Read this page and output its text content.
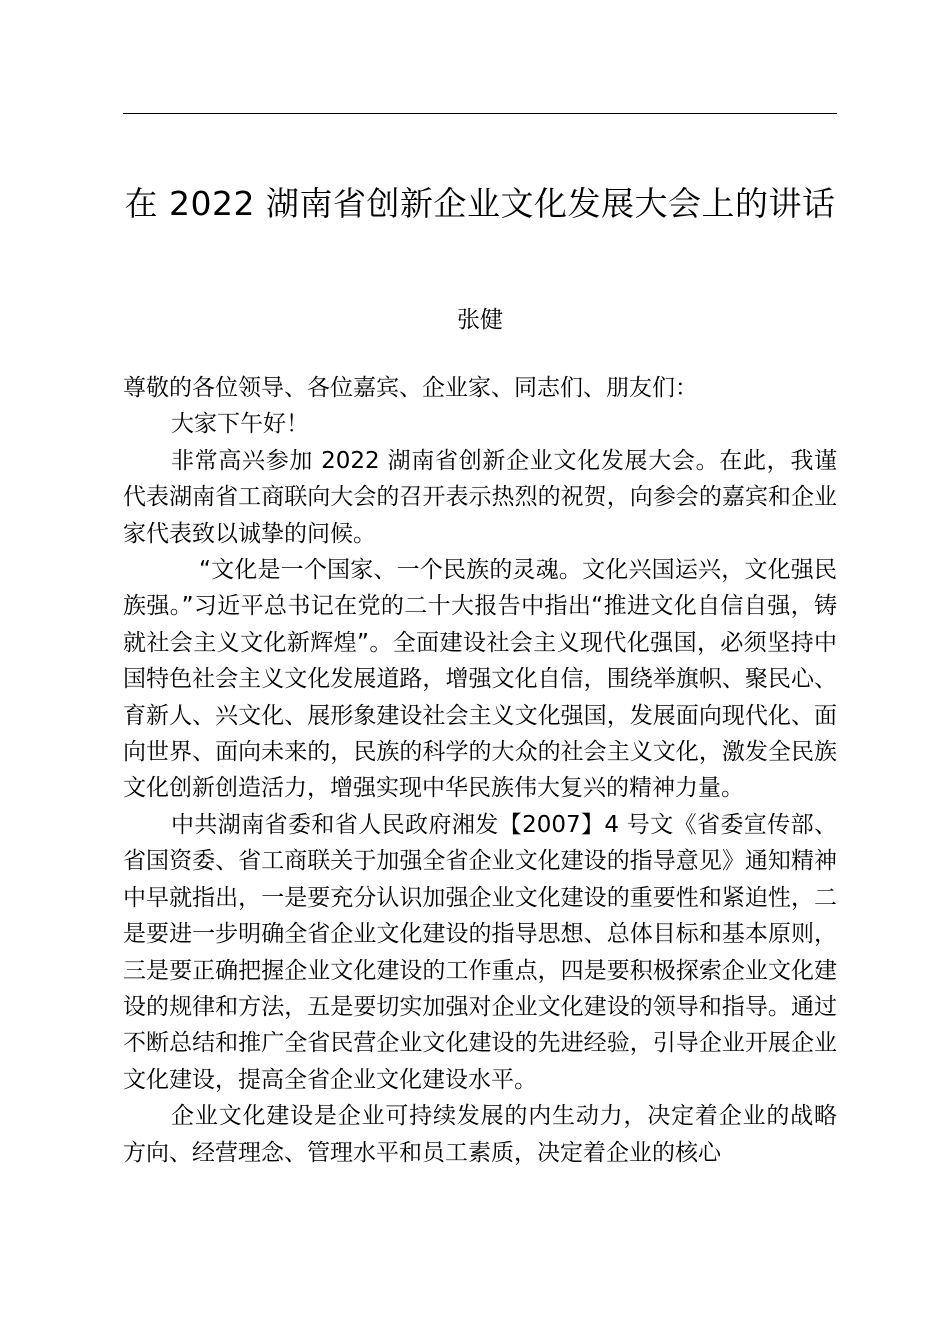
在 2022 湖南省创新企业文化发展大会上的讲话
张健

尊敬的各位领导、各位嘉宾、企业家、同志们、朋友们：

大家下午好！

非常高兴参加 2022 湖南省创新企业文化发展大会。在此，我谨代表湖南省工商联向大会的召开表示热烈的祝贺，向参会的嘉宾和企业家代表致以诚挚的问候。

“文化是一个国家、一个民族的灵魂。文化兴国运兴，文化强民族强。”习近平总书记在党的二十大报告中指出“推进文化自信自强，铸就社会主义文化新辉煌”。全面建设社会主义现代化强国，必须坚持中国特色社会主义文化发展道路，增强文化自信，围绕举旗帜、聚民心、育新人、兴文化、展形象建设社会主义文化强国，发展面向现代化、面向世界、面向未来的，民族的科学的大众的社会主义文化，激发全民族文化创新创造活力，增强实现中华民族伟大复兴的精神力量。

中共湖南省委和省人民政府湘发【2007】4 号文《省委宣传部、省国资委、省工商联关于加强全省企业文化建设的指导意见》通知精神中早就指出，一是要充分认识加强企业文化建设的重要性和紧迫性，二是要进一步明确全省企业文化建设的指导思想、总体目标和基本原则，三是要正确把握企业文化建设的工作重点，四是要积极探索企业文化建设的规律和方法，五是要切实加强对企业文化建设的领导和指导。通过不断总结和推广全省民营企业文化建设的先进经验，引导企业开展企业文化建设，提高全省企业文化建设水平。

企业文化建设是企业可持续发展的内生动力，决定着企业的战略方向、经营理念、管理水平和员工素质，决定着企业的核心
